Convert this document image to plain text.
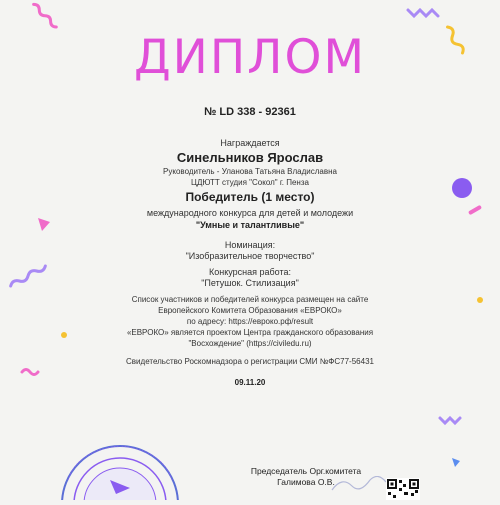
ДИПЛОМ
№ LD 338 - 92361
Награждается
Синельников Ярослав
Руководитель - Уланова Татьяна Владиславна
ЦДЮТТ студия "Сокол" г. Пенза
Победитель (1 место)
международного конкурса для детей и молодежи
"Умные и талантливые"
Номинация:
"Изобразительное творчество"
Конкурсная работа:
"Петушок. Стилизация"
Список участников и победителей конкурса размещен на сайте
Европейского Комитета Образования «ЕВРОКО»
по адресу: https://евроко.рф/result
«ЕВРОКО» является проектом Центра гражданского образования
"Восхождение" (https://civiledu.ru)
Свидетельство Роскомнадзора о регистрации СМИ №ФС77-56431
09.11.20
Председатель Орг.комитета
Галимова О.В.
